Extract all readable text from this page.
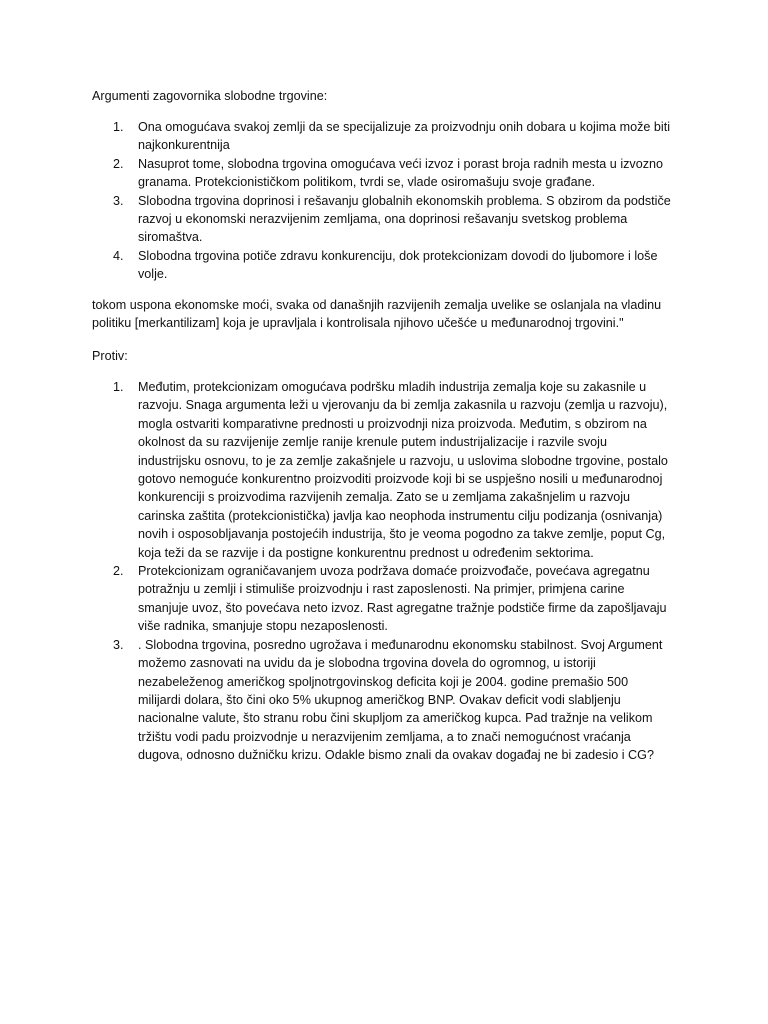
Argumenti zagovornika slobodne trgovine:

1.	Ona omogućava svakoj zemlji da se specijalizuje za proizvodnju onih dobara u kojima može biti najkonkurentnija

2.	Nasuprot tome, slobodna trgovina omogućava veći izvoz i porast broja radnih mesta u izvozno granama. Protekcionističkom politikom, tvrdi se, vlade osiromašuju svoje građane.

3.	Slobodna trgovina doprinosi i rešavanju globalnih ekonomskih problema. S obzirom da podstiče razvoj u ekonomski nerazvijenim zemljama, ona doprinosi rešavanju svetskog problema siromaštva.

4.	Slobodna trgovina potiče zdravu konkurenciju, dok protekcionizam dovodi do ljubomore i loše volje.

tokom uspona ekonomske moći, svaka od današnjih razvijenih zemalja uvelike se oslanjala na vladinu politiku [merkantilizam] koja je upravljala i kontrolisala njihovo učešće u međunarodnoj trgovini."

Protiv:

1.	Međutim, protekcionizam omogućava podršku mladih industrija zemalja koje su zakasnile u razvoju. Snaga argumenta leži u vjerovanju da bi zemlja zakasnila u razvoju (zemlja u razvoju), mogla ostvariti komparativne prednosti u proizvodnji niza proizvoda. Međutim, s obzirom na okolnost da su razvijenije zemlje ranije krenule putem industrijalizacije i razvile svoju industrijsku osnovu, to je za zemlje zakašnjele u razvoju, u uslovima slobodne trgovine, postalo gotovo nemoguće konkurentno proizvoditi proizvode koji bi se uspješno nosili u međunarodnoj konkurenciji s proizvodima razvijenih zemalja. Zato se u zemljama zakašnjelim u razvoju carinska zaštita (protekcionistička) javlja kao neophoda instrumentu cilju podizanja (osnivanja) novih i osposobljavanja postojećih industrija, što je veoma pogodno za takve zemlje, poput Cg, koja teži da se razvije i da postigne konkurentnu prednost u određenim sektorima.

2.	Protekcionizam ograničavanjem uvoza podržava domaće proizvođače, povećava agregatnu potražnju u zemlji i stimuliše proizvodnju i rast zaposlenosti. Na primjer, primjena carine smanjuje uvoz, što povećava neto izvoz. Rast agregatne tražnje podstiče firme da zapošljavaju više radnika, smanjuje stopu nezaposlenosti.

3.	. Slobodna trgovina, posredno ugrožava i međunarodnu ekonomsku stabilnost. Svoj Argument možemo zasnovati na uvidu da je slobodna trgovina dovela do ogromnog, u istoriji nezabeleženog američkog spoljnotrgovinskog deficita koji je 2004. godine premašio 500 milijardi dolara, što čini oko 5% ukupnog američkog BNP. Ovakav deficit vodi slabljenju nacionalne valute, što stranu robu čini skupljom za američkog kupca. Pad tražnje na velikom tržištu vodi padu proizvodnje u nerazvijenim zemljama, a to znači nemogućnost vraćanja dugova, odnosno dužničku krizu. Odakle bismo znali da ovakav događaj ne bi zadesio i CG?
